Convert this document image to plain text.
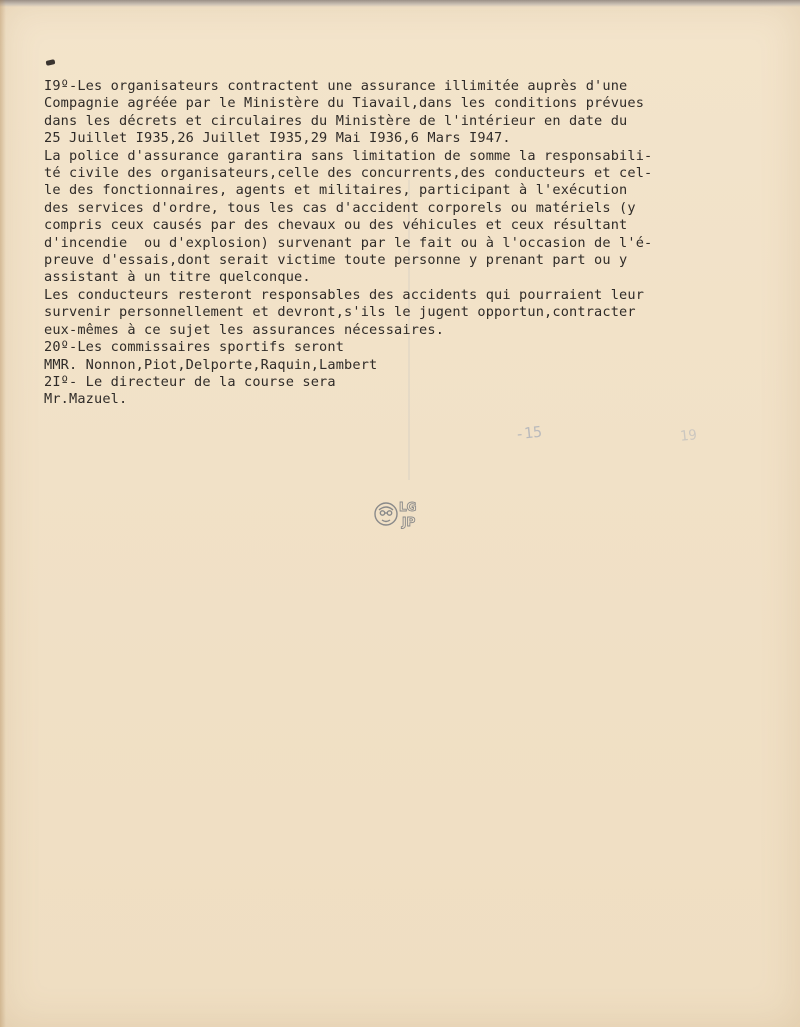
I9º-Les organisateurs contractent une assurance illimitée auprès d'une
Compagnie agréée par le Ministère du Tiavail,dans les conditions prévues
dans les décrets et circulaires du Ministère de l'intérieur en date du
25 Juillet I935,26 Juillet I935,29 Mai I936,6 Mars I947.
La police d'assurance garantira sans limitation de somme la responsabili-
té civile des organisateurs,celle des concurrents,des conducteurs et cel-
le des fonctionnaires, agents et militaires, participant à l'exécution
des services d'ordre, tous les cas d'accident corporels ou matériels (y
compris ceux causés par des chevaux ou des véhicules et ceux résultant
d'incendie  ou d'explosion) survenant par le fait ou à l'occasion de l'é-
preuve d'essais,dont serait victime toute personne y prenant part ou y
assistant à un titre quelconque.
Les conducteurs resteront responsables des accidents qui pourraient leur
survenir personnellement et devront,s'ils le jugent opportun,contracter
eux-mêmes à ce sujet les assurances nécessaires.
20º-Les commissaires sportifs seront
MMR. Nonnon,Piot,Delporte,Raquin,Lambert
2Iº- Le directeur de la course sera
Mr.Mazuel.
-15	19
LG
JP
